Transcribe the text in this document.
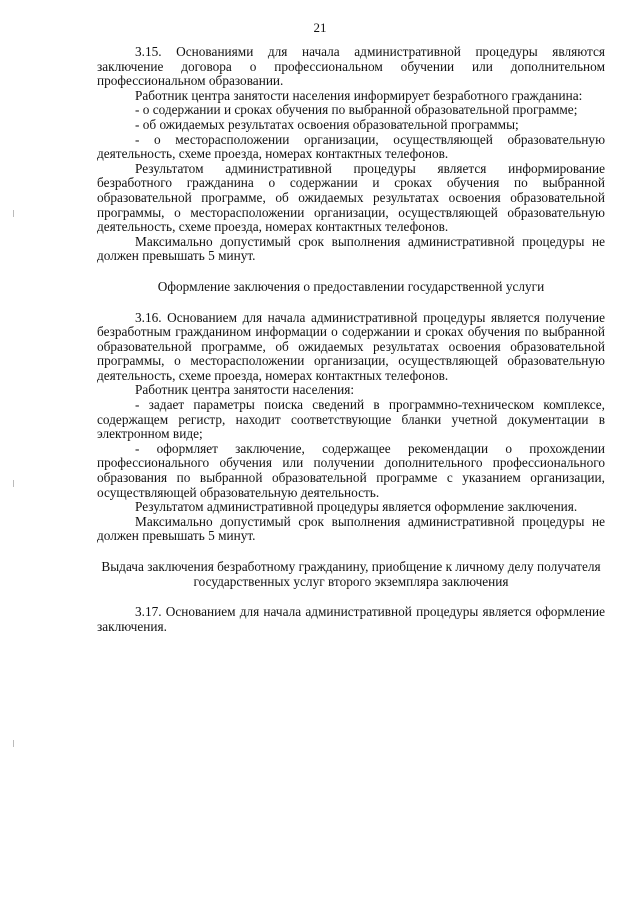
21

3.15. Основаниями для начала административной процедуры являются заключение договора о профессиональном обучении или дополнительном профессиональном образовании.

Работник центра занятости населения информирует безработного гражданина:

- о содержании и сроках обучения по выбранной образовательной программе;

- об ожидаемых результатах освоения образовательной программы;

- о месторасположении организации, осуществляющей образовательную деятельность, схеме проезда, номерах контактных телефонов.

Результатом административной процедуры является информирование безработного гражданина о содержании и сроках обучения по выбранной образовательной программе, об ожидаемых результатах освоения образовательной программы, о месторасположении организации, осуществляющей образовательную деятельность, схеме проезда, номерах контактных телефонов.

Максимально допустимый срок выполнения административной процедуры не должен превышать 5 минут.

Оформление заключения о предоставлении государственной услуги

3.16. Основанием для начала административной процедуры является получение безработным гражданином информации о содержании и сроках обучения по выбранной образовательной программе, об ожидаемых результатах освоения образовательной программы, о месторасположении организации, осуществляющей образовательную деятельность, схеме проезда, номерах контактных телефонов.

Работник центра занятости населения:

- задает параметры поиска сведений в программно-техническом комплексе, содержащем регистр, находит соответствующие бланки учетной документации в электронном виде;

- оформляет заключение, содержащее рекомендации о прохождении профессионального обучения или получении дополнительного профессионального образования по выбранной образовательной программе с указанием организации, осуществляющей образовательную деятельность.

Результатом административной процедуры является оформление заключения.

Максимально допустимый срок выполнения административной процедуры не должен превышать 5 минут.

Выдача заключения безработному гражданину, приобщение к личному делу получателя государственных услуг второго экземпляра заключения

3.17. Основанием для начала административной процедуры является оформление заключения.
